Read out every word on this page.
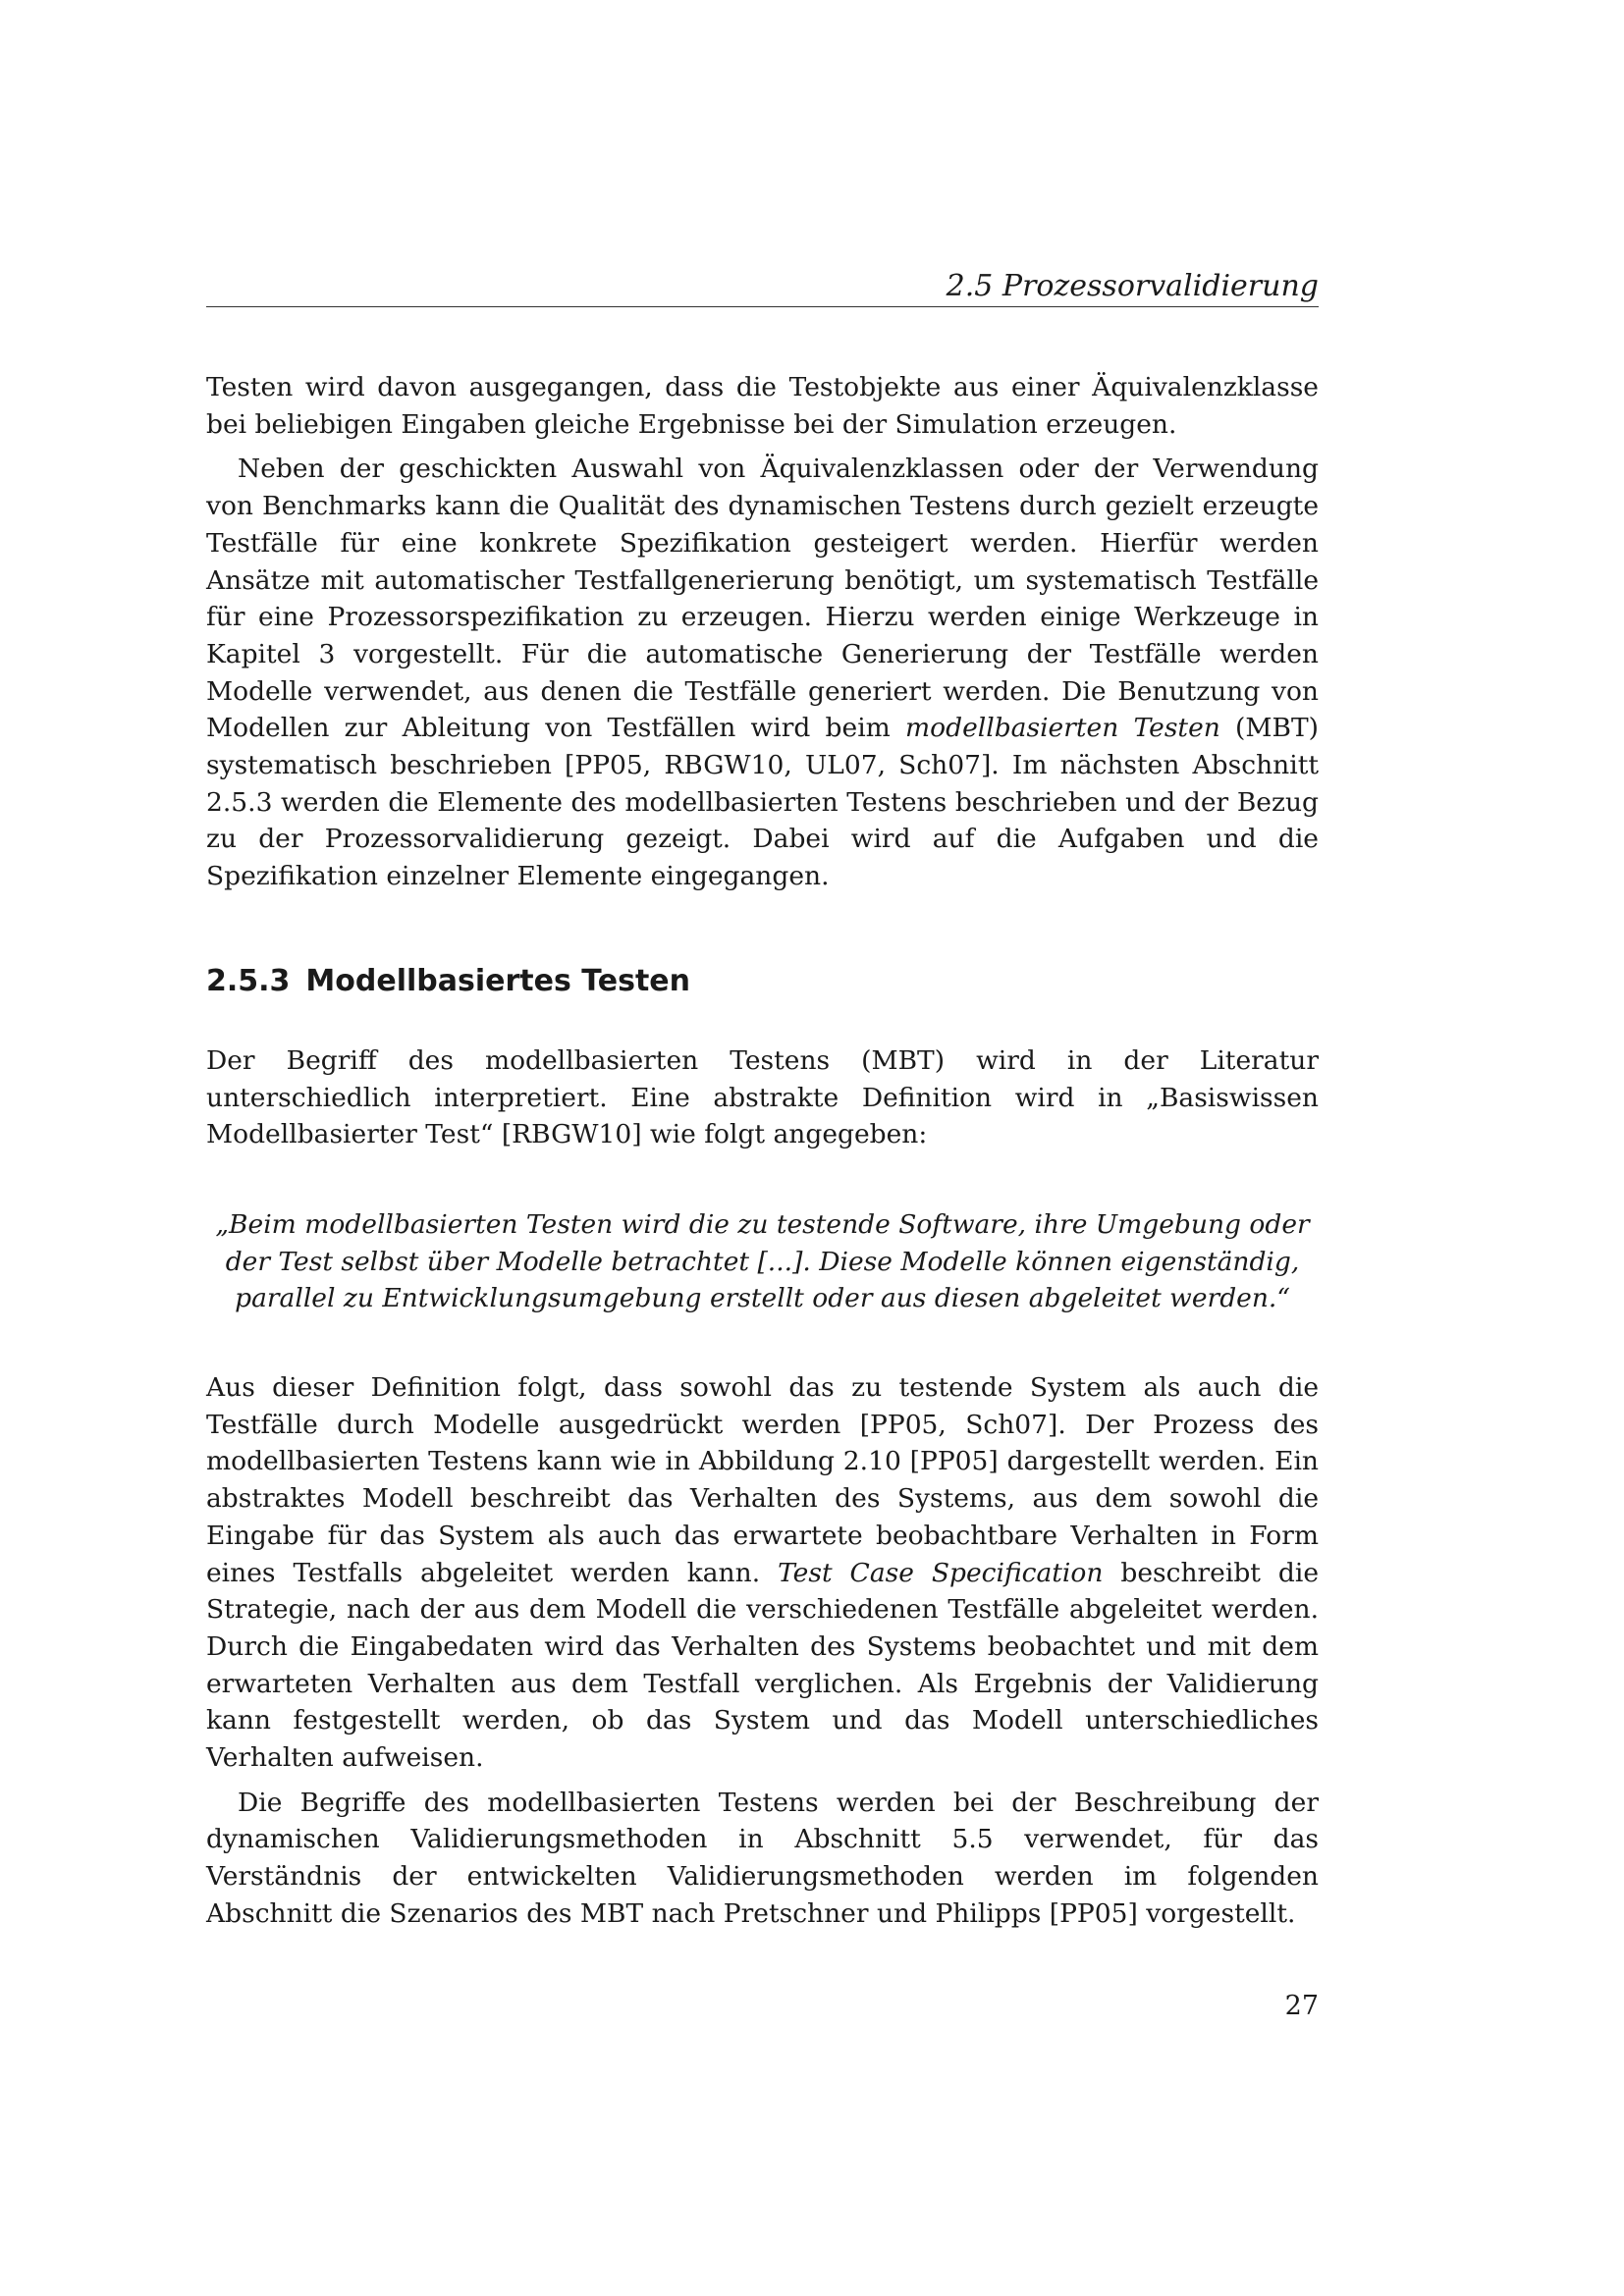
2.5 Prozessorvalidierung

Testen wird davon ausgegangen, dass die Testobjekte aus einer Äquivalenzklasse bei beliebigen Eingaben gleiche Ergebnisse bei der Simulation erzeugen.

Neben der geschickten Auswahl von Äquivalenzklassen oder der Verwendung von Benchmarks kann die Qualität des dynamischen Testens durch gezielt erzeugte Testfälle für eine konkrete Spezifikation gesteigert werden. Hierfür werden Ansätze mit automatischer Testfallgenerierung benötigt, um systematisch Testfälle für eine Prozessorspezifikation zu erzeugen. Hierzu werden einige Werkzeuge in Kapitel 3 vorgestellt. Für die automatische Generierung der Testfälle werden Modelle verwendet, aus denen die Testfälle generiert werden. Die Benutzung von Modellen zur Ableitung von Testfällen wird beim modellbasierten Testen (MBT) systematisch beschrieben [PP05, RBGW10, UL07, Sch07]. Im nächsten Abschnitt 2.5.3 werden die Elemente des modellbasierten Testens beschrieben und der Bezug zu der Prozessorvalidierung gezeigt. Dabei wird auf die Aufgaben und die Spezifikation einzelner Elemente eingegangen.

2.5.3 Modellbasiertes Testen

Der Begriff des modellbasierten Testens (MBT) wird in der Literatur unterschiedlich interpretiert. Eine abstrakte Definition wird in „Basiswissen Modellbasierter Test“ [RBGW10] wie folgt angegeben:

„Beim modellbasierten Testen wird die zu testende Software, ihre Umgebung oder der Test selbst über Modelle betrachtet [...]. Diese Modelle können eigenständig, parallel zu Entwicklungsumgebung erstellt oder aus diesen abgeleitet werden.“

Aus dieser Definition folgt, dass sowohl das zu testende System als auch die Testfälle durch Modelle ausgedrückt werden [PP05, Sch07]. Der Prozess des modellbasierten Testens kann wie in Abbildung 2.10 [PP05] dargestellt werden. Ein abstraktes Modell beschreibt das Verhalten des Systems, aus dem sowohl die Eingabe für das System als auch das erwartete beobachtbare Verhalten in Form eines Testfalls abgeleitet werden kann. Test Case Specification beschreibt die Strategie, nach der aus dem Modell die verschiedenen Testfälle abgeleitet werden. Durch die Eingabedaten wird das Verhalten des Systems beobachtet und mit dem erwarteten Verhalten aus dem Testfall verglichen. Als Ergebnis der Validierung kann festgestellt werden, ob das System und das Modell unterschiedliches Verhalten aufweisen.

Die Begriffe des modellbasierten Testens werden bei der Beschreibung der dynamischen Validierungsmethoden in Abschnitt 5.5 verwendet, für das Verständnis der entwickelten Validierungsmethoden werden im folgenden Abschnitt die Szenarios des MBT nach Pretschner und Philipps [PP05] vorgestellt.

27
